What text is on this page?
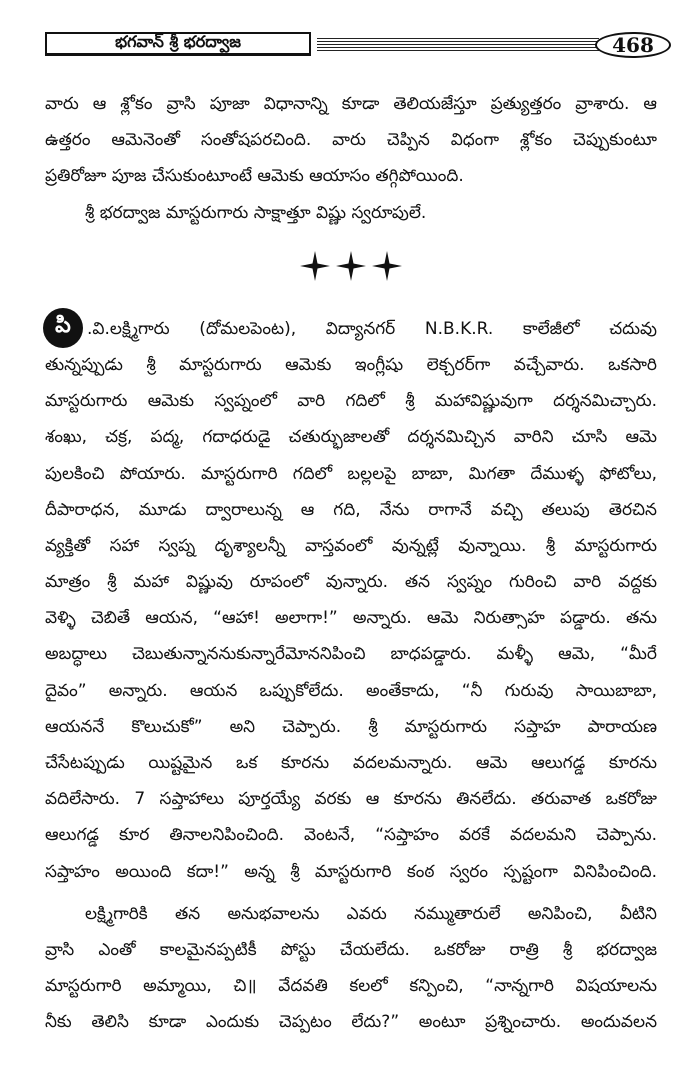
భగవాన్ శ్రీ భరద్వాజ	468
వారు ఆ శ్లోకం వ్రాసి పూజా విధానాన్ని కూడా తెలియజేస్తూ ప్రత్యుత్తరం వ్రాశారు. ఆ
ఉత్తరం ఆమెనెంతో సంతోషపరచింది. వారు చెప్పిన విధంగా శ్లోకం చెప్పుకుంటూ
ప్రతిరోజూ పూజ చేసుకుంటూంటే ఆమెకు ఆయాసం తగ్గిపోయింది.
శ్రీ భరద్వాజ మాస్టరుగారు సాక్షాత్తూ విష్ణు స్వరూపులే.
పి .వి.లక్ష్మిగారు (దోమలపెంట), విద్యానగర్ N.B.K.R. కాలేజీలో చదువు
తున్నప్పుడు శ్రీ మాస్టరుగారు ఆమెకు ఇంగ్లీషు లెక్చరర్‌గా వచ్చేవారు. ఒకసారి
మాస్టరుగారు ఆమెకు స్వప్నంలో వారి గదిలో శ్రీ మహావిష్ణువుగా దర్శనమిచ్చారు.
శంఖు, చక్ర, పద్మ, గదాధరుడై చతుర్భుజాలతో దర్శనమిచ్చిన వారిని చూసి ఆమె
పులకించి పోయారు. మాస్టరుగారి గదిలో బల్లలపై బాబా, మిగతా దేముళ్ళ ఫోటోలు,
దీపారాధన, మూడు ద్వారాలున్న ఆ గది, నేను రాగానే వచ్చి తలుపు తెరచిన
వ్యక్తితో సహా స్వప్న దృశ్యాలన్నీ వాస్తవంలో వున్నట్లే వున్నాయి. శ్రీ మాస్టరుగారు
మాత్రం శ్రీ మహా విష్ణువు రూపంలో వున్నారు. తన స్వప్నం గురించి వారి వద్దకు
వెళ్ళి చెబితే ఆయన, “ఆహా! అలాగా!” అన్నారు. ఆమె నిరుత్సాహ పడ్డారు. తను
అబద్ధాలు చెబుతున్నాననుకున్నారేమోననిపించి బాధపడ్డారు. మళ్ళీ ఆమె, “మీరే
దైవం” అన్నారు. ఆయన ఒప్పుకోలేదు. అంతేకాదు, “నీ గురువు సాయిబాబా,
ఆయననే కొలుచుకో” అని చెప్పారు. శ్రీ మాస్టరుగారు సప్తాహ పారాయణ
చేసేటప్పుడు యిష్టమైన ఒక కూరను వదలమన్నారు. ఆమె ఆలుగడ్డ కూరను
వదిలేసారు. 7 సప్తాహాలు పూర్తయ్యే వరకు ఆ కూరను తినలేదు. తరువాత ఒకరోజు
ఆలుగడ్డ కూర తినాలనిపించింది. వెంటనే, “సప్తాహం వరకే వదలమని చెప్పాను.
సప్తాహం అయింది కదా!” అన్న శ్రీ మాస్టరుగారి కంఠ స్వరం స్పష్టంగా వినిపించింది.
లక్ష్మిగారికి తన అనుభవాలను ఎవరు నమ్ముతారులే అనిపించి, వీటిని
వ్రాసి ఎంతో కాలమైనప్పటికీ పోస్టు చేయలేదు. ఒకరోజు రాత్రి శ్రీ భరద్వాజ
మాస్టరుగారి అమ్మాయి, చి॥ వేదవతి కలలో కన్పించి, “నాన్నగారి విషయాలను
నీకు తెలిసి కూడా ఎందుకు చెప్పటం లేదు?” అంటూ ప్రశ్నించారు. అందువలన
